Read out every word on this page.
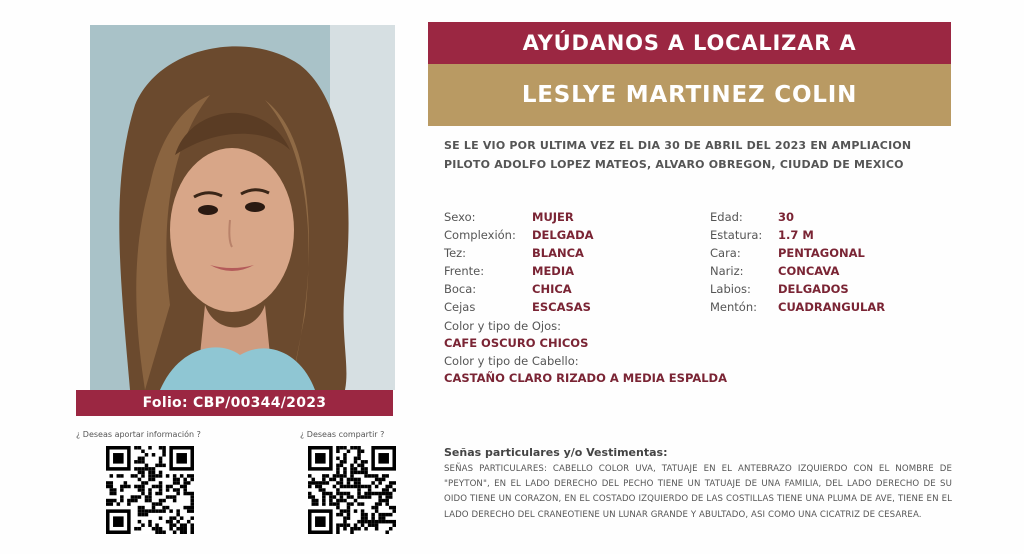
Folio: CBP/00344/2023
¿ Deseas aportar información ?	¿ Deseas compartir ?
AYÚDANOS A LOCALIZAR A
LESLYE MARTINEZ COLIN
SE LE VIO POR ULTIMA VEZ EL DIA 30 DE ABRIL DEL 2023 EN AMPLIACION PILOTO ADOLFO LOPEZ MATEOS, ALVARO OBREGON, CIUDAD DE MEXICO
Sexo:	MUJER
Complexión: DELGADA
Tez:	BLANCA
Frente:	MEDIA
Boca:	CHICA
Cejas	ESCASAS
Edad:	30
Estatura: 1.7 M
Cara:	PENTAGONAL
Nariz:	CONCAVA
Labios: DELGADOS
Mentón: CUADRANGULAR
Color y tipo de Ojos:
CAFE OSCURO CHICOS
Color y tipo de Cabello:
CASTAÑO CLARO RIZADO A MEDIA ESPALDA
Señas particulares y/o Vestimentas:
SEÑAS PARTICULARES: CABELLO COLOR UVA, TATUAJE EN EL ANTEBRAZO IZQUIERDO CON EL NOMBRE DE "PEYTON", EN EL LADO DERECHO DEL PECHO TIENE UN TATUAJE DE UNA FAMILIA, DEL LADO DERECHO DE SU OIDO TIENE UN CORAZON, EN EL COSTADO IZQUIERDO DE LAS COSTILLAS TIENE UNA PLUMA DE AVE, TIENE EN EL LADO DERECHO DEL CRANEOTIENE UN LUNAR GRANDE Y ABULTADO, ASI COMO UNA CICATRIZ DE CESAREA.
